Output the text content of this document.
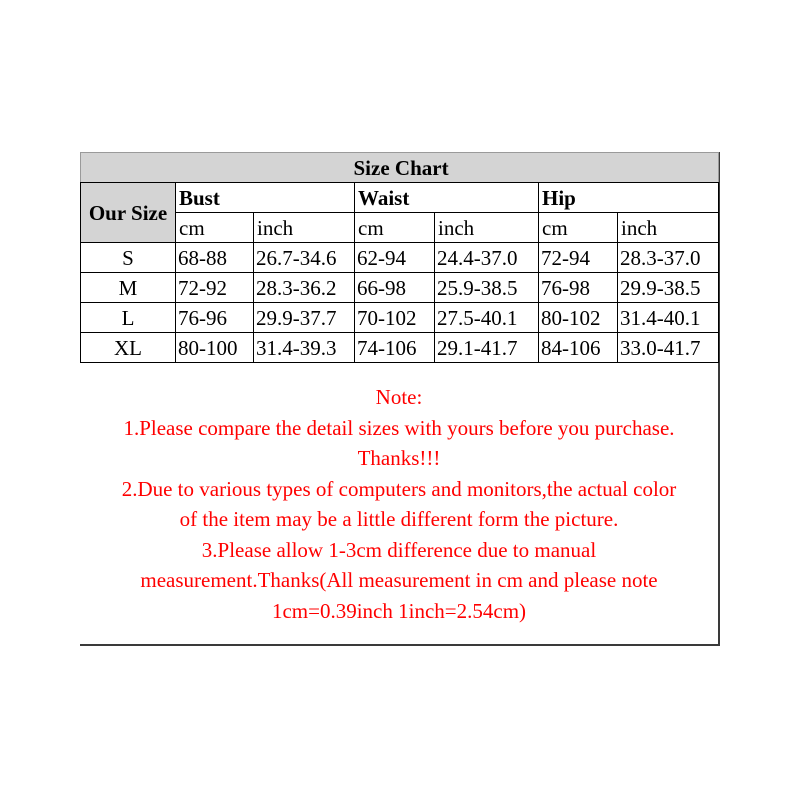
Size Chart						
Our Size	Bust		Waist		Hip	
	cm	inch	cm	inch	cm	inch
S	68-88	26.7-34.6	62-94	24.4-37.0	72-94	28.3-37.0
M	72-92	28.3-36.2	66-98	25.9-38.5	76-98	29.9-38.5
L	76-96	29.9-37.7	70-102	27.5-40.1	80-102	31.4-40.1
XL	80-100	31.4-39.3	74-106	29.1-41.7	84-106	33.0-41.7
Note:
1.Please compare the detail sizes with yours before you purchase.
Thanks!!!
2.Due to various types of computers and monitors,the actual color
of the item may be a little different form the picture.
3.Please allow 1-3cm difference due to manual
measurement.Thanks(All measurement in cm and please note
1cm=0.39inch 1inch=2.54cm)
